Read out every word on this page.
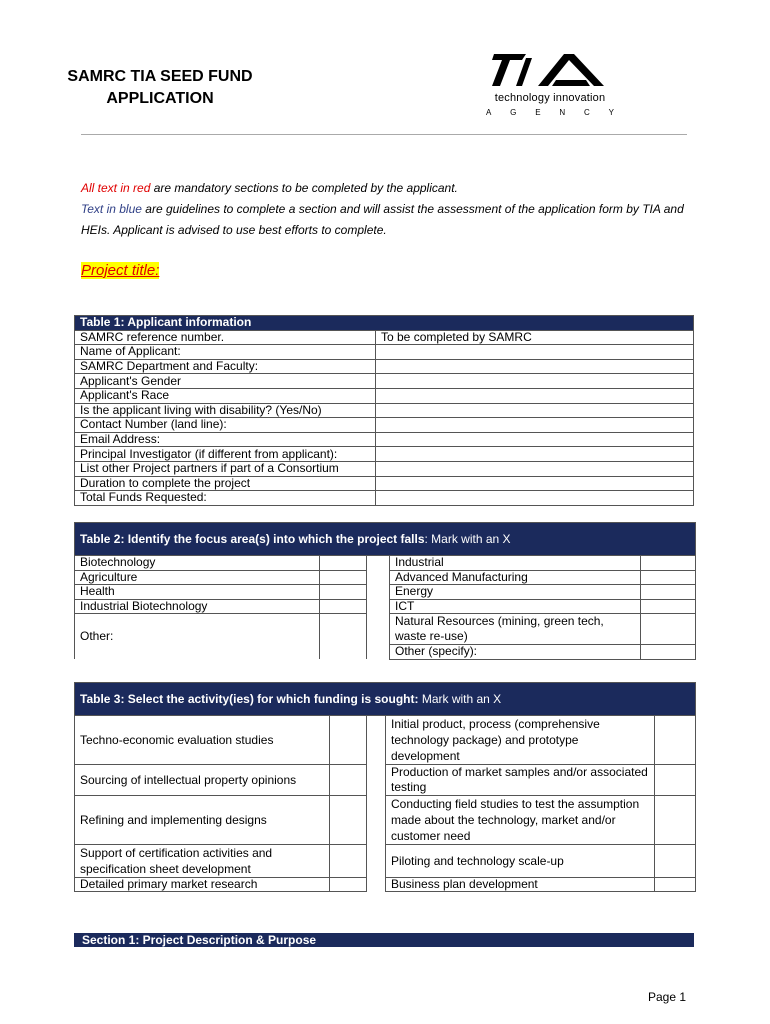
SAMRC TIA SEED FUND
APPLICATION	technology innovation
A G E N C Y
All text in red are mandatory sections to be completed by the applicant.
Text in blue are guidelines to complete a section and will assist the assessment of the application form by TIA and HEIs. Applicant is advised to use best efforts to complete.
Project title:
Table 1: Applicant information	
SAMRC reference number.	To be completed by SAMRC
Name of Applicant:	
SAMRC Department and Faculty:	
Applicant's Gender	
Applicant's Race	
Is the applicant living with disability? (Yes/No)	
Contact Number (land line):	
Email Address:	
Principal Investigator (if different from applicant):	
List other Project partners if part of a Consortium	
Duration to complete the project	
Total Funds Requested:	
Table 2: Identify the focus area(s) into which the project falls: Mark with an X				
Biotechnology			Industrial	
Agriculture			Advanced Manufacturing	
Health			Energy	
Industrial Biotechnology			ICT	
Other:			Natural Resources (mining, green tech, waste re-use)	
			Other (specify):	
Table 3: Select the activity(ies) for which funding is sought: Mark with an X				
Techno-economic evaluation studies			Initial product, process (comprehensive technology package) and prototype development	
Sourcing of intellectual property opinions			Production of market samples and/or associated testing	
Refining and implementing designs			Conducting field studies to test the assumption made about the technology, market and/or customer need	
Support of certification activities and specification sheet development			Piloting and technology scale-up	
Detailed primary market research			Business plan development	
Section 1: Project Description & Purpose
Page 1
